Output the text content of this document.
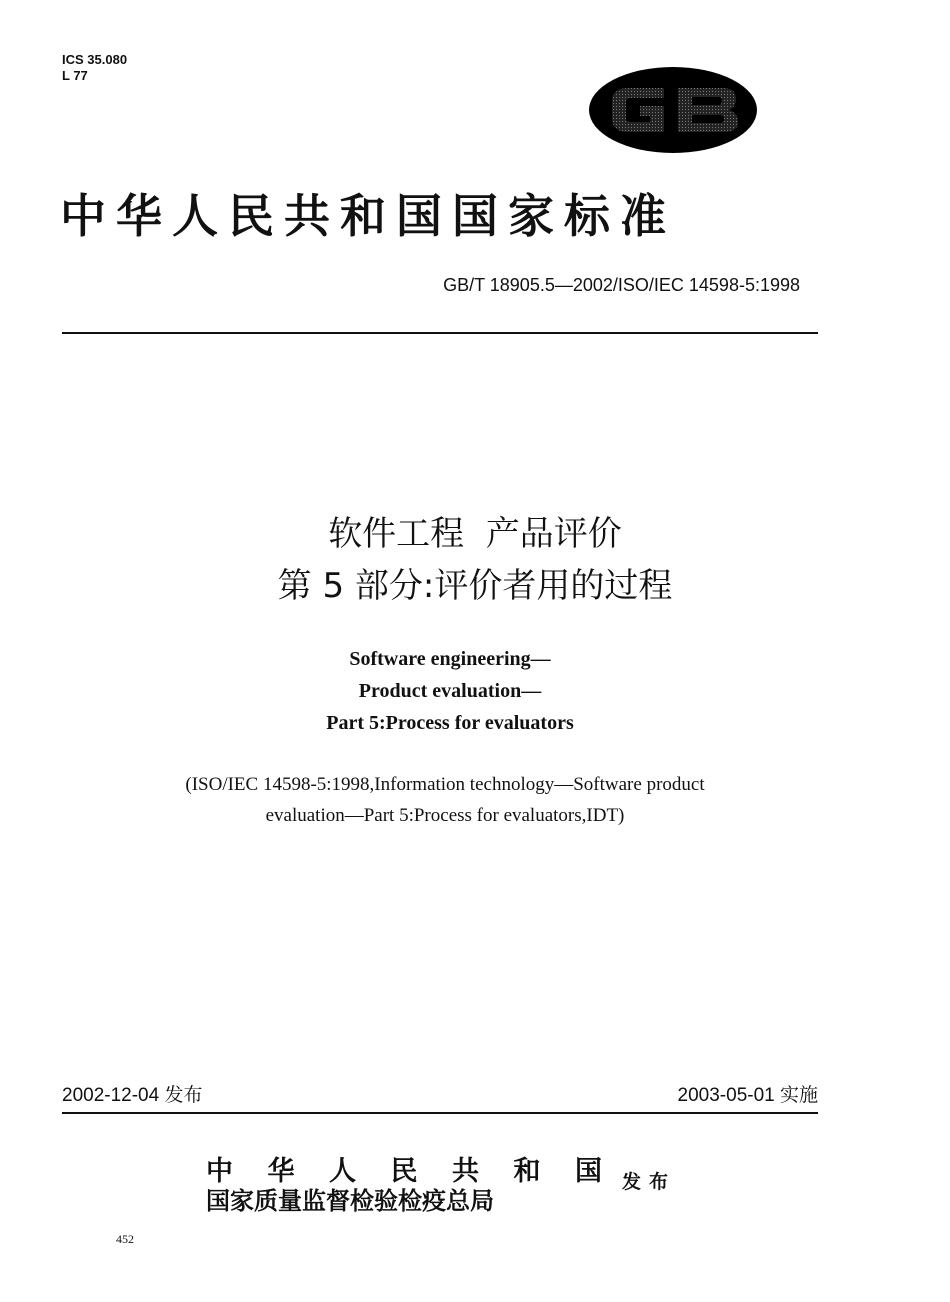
ICS 35.080
L 77
中华人民共和国国家标准
GB/T 18905.5—2002/ISO/IEC 14598-5:1998
软件工程  产品评价
第 5 部分:评价者用的过程
Software engineering—
Product evaluation—
Part 5:Process for evaluators
(ISO/IEC 14598-5:1998,Information technology—Software product
evaluation—Part 5:Process for evaluators,IDT)
2002-12-04 发布	2003-05-01 实施
中 华 人 民 共 和 国
国家质量监督检验检疫总局
发布
452
